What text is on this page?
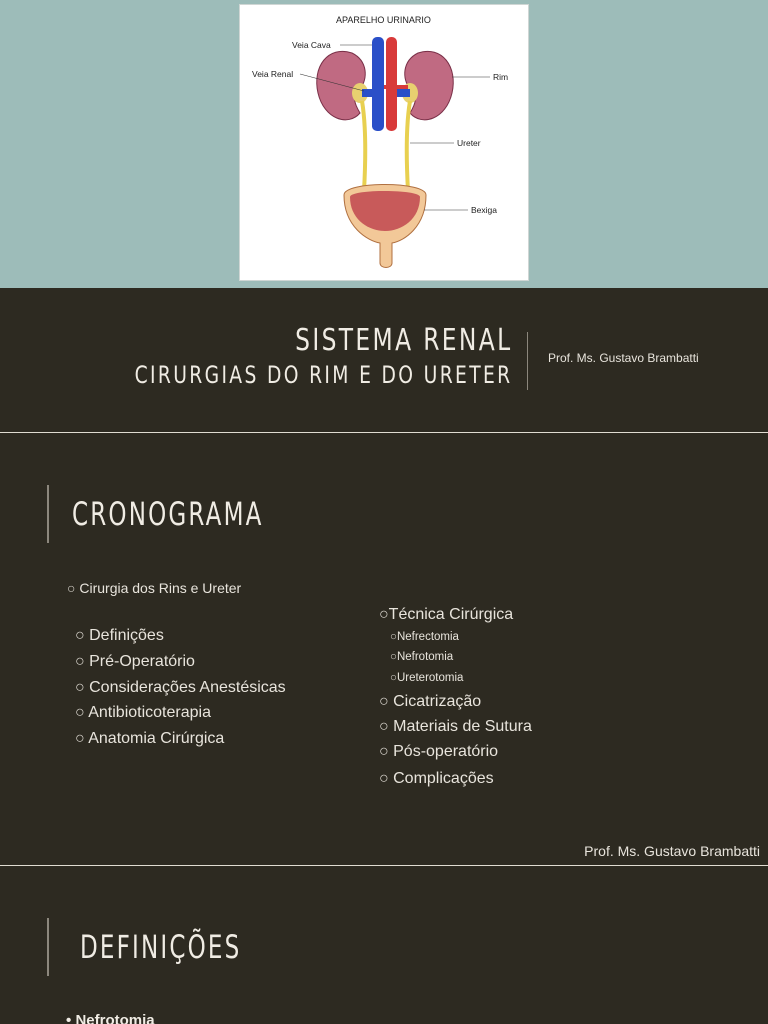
APARELHO URINARIO
Veia Cava
Veia Renal	Rim
Ureter
Bexiga
SISTEMA RENAL
CIRURGIAS DO RIM E DO URETER
Prof. Ms. Gustavo Brambatti
CRONOGRAMA
○ Cirurgia dos Rins e Ureter
○ Definições
○ Pré-Operatório
○ Considerações Anestésicas
○ Antibioticoterapia
○ Anatomia Cirúrgica
○Técnica Cirúrgica
○Nefrectomia
○Nefrotomia
○Ureterotomia
○ Cicatrização
○ Materiais de Sutura
○ Pós-operatório
○ Complicações
Prof. Ms. Gustavo Brambatti
DEFINIÇÕES
• Nefrotomia
